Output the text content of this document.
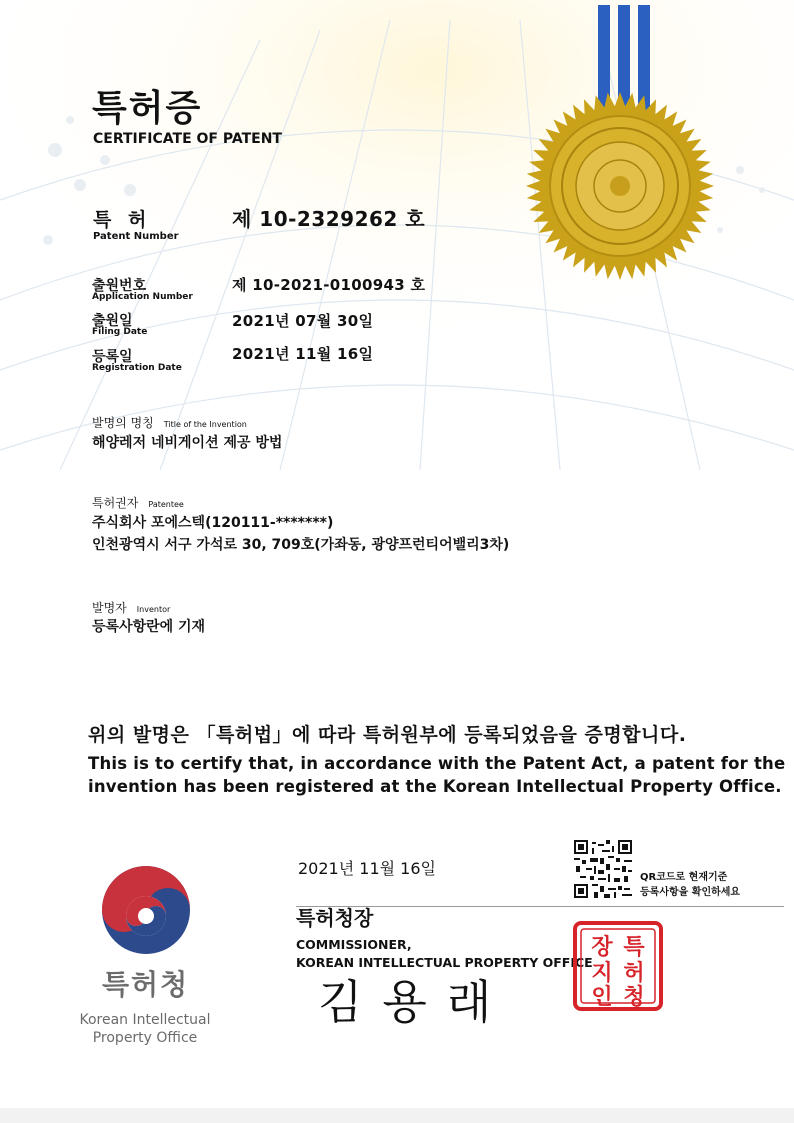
특허증
CERTIFICATE OF PATENT
특 허
Patent Number
제 10-2329262 호
출원번호
Application Number
제 10-2021-0100943 호
출원일
Filing Date
2021년 07월 30일
등록일
Registration Date
2021년 11월 16일
발명의 명칭 Title of the Invention
해양레저 네비게이션 제공 방법
특허권자 Patentee
주식회사 포에스텍(120111-*******)
인천광역시 서구 가석로 30, 709호(가좌동, 광양프런티어밸리3차)
발명자 Inventor
등록사항란에 기재
위의 발명은 「특허법」에 따라 특허원부에 등록되었음을 증명합니다.
This is to certify that, in accordance with the Patent Act, a patent for the
invention has been registered at the Korean Intellectual Property Office.
2021년 11월 16일	QR코드로 현재기준
등록사항을 확인하세요
특허청장
COMMISSIONER,
KOREAN INTELLECTUAL PROPERTY OFFICE
김용래
특
허
청
장
지
인
특허청
Korean Intellectual
Property Office
